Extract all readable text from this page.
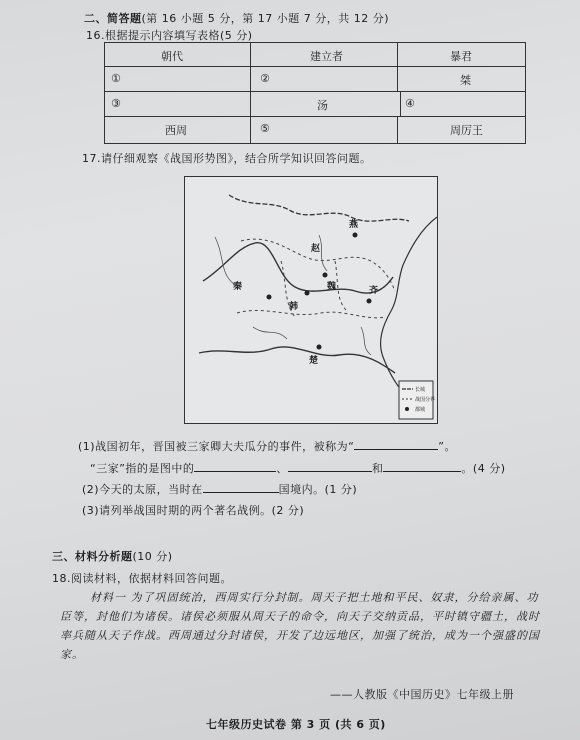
二、简答题(第 16 小题 5 分，第 17 小题 7 分，共 12 分)
16.根据提示内容填写表格(5 分)
朝代	建立者	暴君
①	②	桀
③	汤	④
西周	⑤	周厉王
17.请仔细观察《战国形势图》，结合所学知识回答问题。
秦
赵
燕
魏
韩
楚
齐
长城
战国分界
都城
(1)战国初年，晋国被三家卿大夫瓜分的事件，被称为“	”。
“三家”指的是图中的	、	和	。(4 分)
(2)今天的太原，当时在	国境内。(1 分)
(3)请列举战国时期的两个著名战例。(2 分)
三、材料分析题(10 分)
18.阅读材料，依据材料回答问题。
材料一 为了巩固统治，西周实行分封制。周天子把土地和平民、奴隶，分给亲属、功
臣等，封他们为诸侯。诸侯必须服从周天子的命令，向天子交纳贡品，平时镇守疆土，战时
率兵随从天子作战。西周通过分封诸侯，开发了边远地区，加强了统治，成为一个强盛的国
家。
——人教版《中国历史》七年级上册
七年级历史试卷 第 3 页 (共 6 页)
